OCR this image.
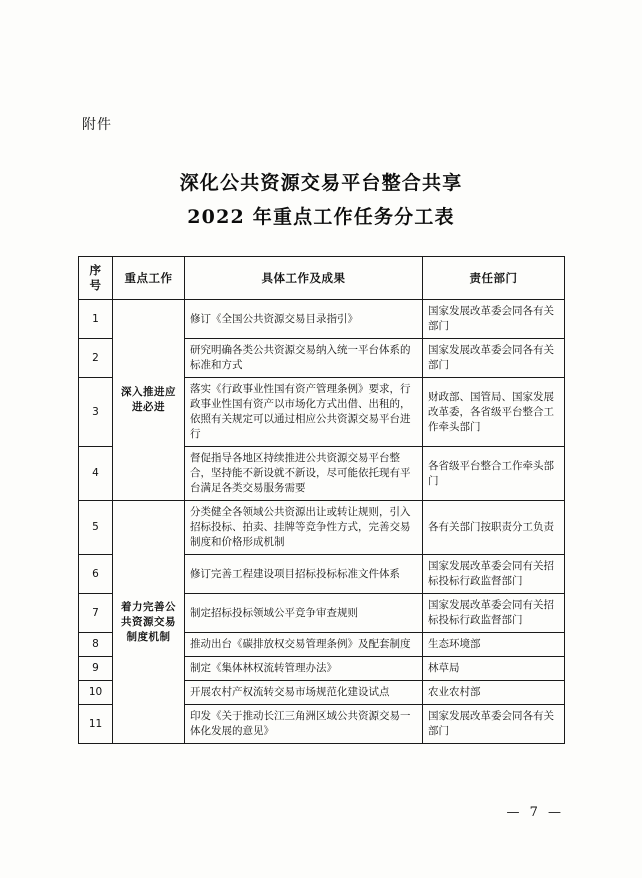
附件
深化公共资源交易平台整合共享
2022 年重点工作任务分工表
序号	重点工作	具体工作及成果	责任部门
1	深入推进应进必进	修订《全国公共资源交易目录指引》	国家发展改革委会同各有关部门
2		研究明确各类公共资源交易纳入统一平台体系的标准和方式	国家发展改革委会同各有关部门
3		落实《行政事业性国有资产管理条例》要求，行政事业性国有资产以市场化方式出借、出租的，依照有关规定可以通过相应公共资源交易平台进行	财政部、国管局、国家发展改革委，各省级平台整合工作牵头部门
4		督促指导各地区持续推进公共资源交易平台整合，坚持能不新设就不新设，尽可能依托现有平台满足各类交易服务需要	各省级平台整合工作牵头部门
5	着力完善公共资源交易制度机制	分类健全各领域公共资源出让或转让规则，引入招标投标、拍卖、挂牌等竞争性方式，完善交易制度和价格形成机制	各有关部门按职责分工负责
6		修订完善工程建设项目招标投标标准文件体系	国家发展改革委会同有关招标投标行政监督部门
7		制定招标投标领域公平竞争审查规则	国家发展改革委会同有关招标投标行政监督部门
8		推动出台《碳排放权交易管理条例》及配套制度	生态环境部
9		制定《集体林权流转管理办法》	林草局
10		开展农村产权流转交易市场规范化建设试点	农业农村部
11		印发《关于推动长江三角洲区域公共资源交易一体化发展的意见》	国家发展改革委会同各有关部门
— 7 —
